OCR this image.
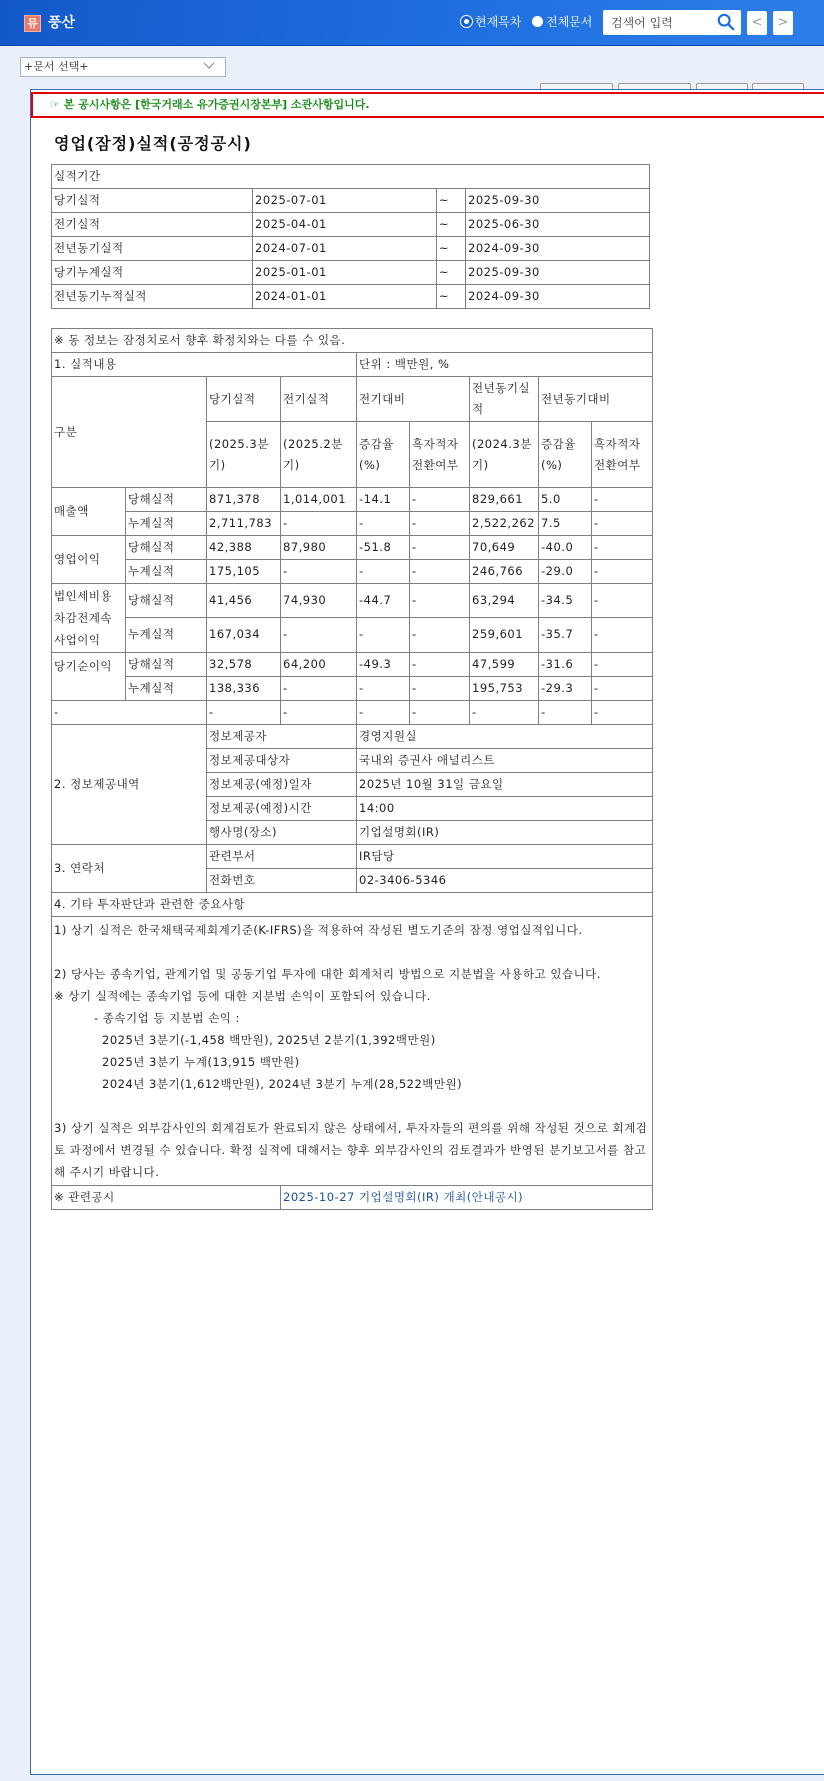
뮤 풍산	현재목차 전체문서
검색어 입력	<	>
+문서 선택+
☞ 본 공시사항은 [한국거래소 유가증권시장본부] 소관사항입니다.
영업(잠정)실적(공정공시)
실적기간			
당기실적	2025-07-01	~	2025-09-30
전기실적	2025-04-01	~	2025-06-30
전년동기실적	2024-07-01	~	2024-09-30
당기누계실적	2025-01-01	~	2025-09-30
전년동기누적실적	2024-01-01	~	2024-09-30
※ 동 정보는 잠정치로서 향후 확정치와는 다를 수 있음.								
1. 실적내용				단위 : 백만원, %				
구분		당기실적	전기실적	전기대비		전년동기실적	전년동기대비	
		(2025.3분기)	(2025.2분기)	증감율(%)	흑자적자전환여부	(2024.3분기)	증감율(%)	흑자적자전환여부
매출액	당해실적	871,378	1,014,001	-14.1	-	829,661	5.0	-
	누계실적	2,711,783	-	-	-	2,522,262	7.5	-
영업이익	당해실적	42,388	87,980	-51.8	-	70,649	-40.0	-
	누계실적	175,105	-	-	-	246,766	-29.0	-
법인세비용차감전계속사업이익	당해실적	41,456	74,930	-44.7	-	63,294	-34.5	-
	누계실적	167,034	-	-	-	259,601	-35.7	-
당기순이익	당해실적	32,578	64,200	-49.3	-	47,599	-31.6	-
	누계실적	138,336	-	-	-	195,753	-29.3	-
-		-	-	-	-	-	-	-
2. 정보제공내역		정보제공자		경영지원실				
		정보제공대상자		국내외 증권사 애널리스트				
		정보제공(예정)일자		2025년 10월 31일 금요일				
		정보제공(예정)시간		14:00				
		행사명(장소)		기업설명회(IR)				
3. 연락처		관련부서		IR담당				
		전화번호		02-3406-5346				
4. 기타 투자판단과 관련한 중요사항								

1) 상기 실적은 한국채택국제회계기준(K-IFRS)을 적용하여 작성된 별도기준의 잠정 영업실적입니다.

2) 당사는 종속기업, 관계기업 및 공동기업 투자에 대한 회계처리 방법으로 지분법을 사용하고 있습니다.

※ 상기 실적에는 종속기업 등에 대한 지분법 손익이 포함되어 있습니다.

- 종속기업 등 지분법 손익 :

2025년 3분기(-1,458 백만원), 2025년 2분기(1,392백만원)

2025년 3분기 누계(13,915 백만원)

2024년 3분기(1,612백만원), 2024년 3분기 누계(28,522백만원)

3) 상기 실적은 외부감사인의 회계검토가 완료되지 않은 상태에서, 투자자들의 편의를 위해 작성된 것으로 회계검토 과정에서 변경될 수 있습니다. 확정 실적에 대해서는 향후 외부감사인의 검토결과가 반영된 분기보고서를 참고해 주시기 바랍니다.

※ 관련공시			2025-10-27 기업설명회(IR) 개최(안내공시)					
